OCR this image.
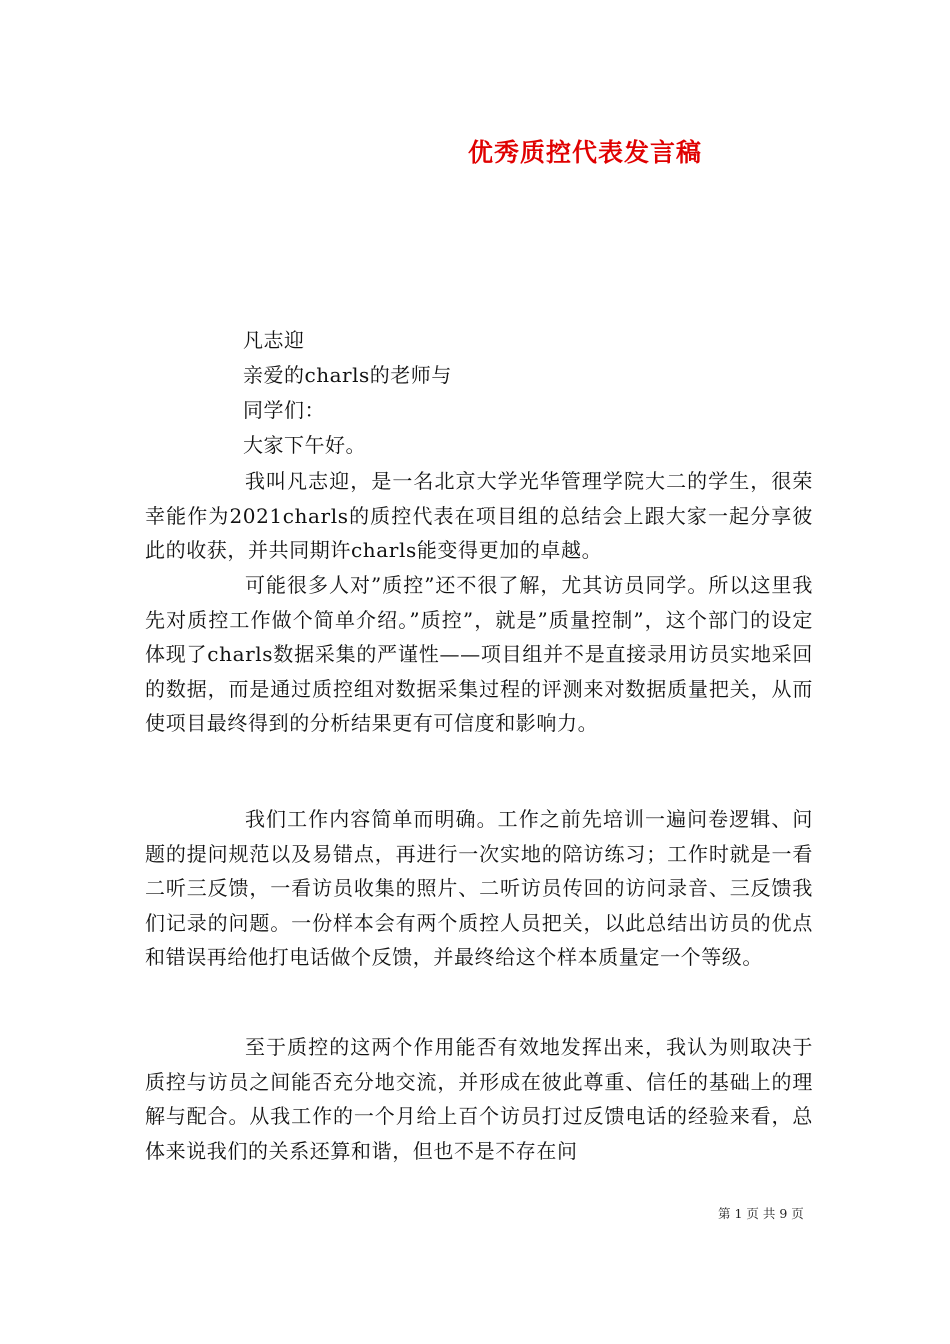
优秀质控代表发言稿
凡志迎
亲爱的charls的老师与
同学们：
大家下午好。
我叫凡志迎，是一名北京大学光华管理学院大二的学生，很荣幸能作为2021charls的质控代表在项目组的总结会上跟大家一起分享彼此的收获，并共同期许charls能变得更加的卓越。
可能很多人对”质控”还不很了解，尤其访员同学。所以这里我先对质控工作做个简单介绍。”质控”，就是”质量控制”，这个部门的设定体现了charls数据采集的严谨性——项目组并不是直接录用访员实地采回的数据，而是通过质控组对数据采集过程的评测来对数据质量把关，从而使项目最终得到的分析结果更有可信度和影响力。
我们工作内容简单而明确。工作之前先培训一遍问卷逻辑、问题的提问规范以及易错点，再进行一次实地的陪访练习；工作时就是一看二听三反馈，一看访员收集的照片、二听访员传回的访问录音、三反馈我们记录的问题。一份样本会有两个质控人员把关，以此总结出访员的优点和错误再给他打电话做个反馈，并最终给这个样本质量定一个等级。
至于质控的这两个作用能否有效地发挥出来，我认为则取决于质控与访员之间能否充分地交流，并形成在彼此尊重、信任的基础上的理解与配合。从我工作的一个月给上百个访员打过反馈电话的经验来看，总体来说我们的关系还算和谐，但也不是不存在问
第 1 页 共 9 页
